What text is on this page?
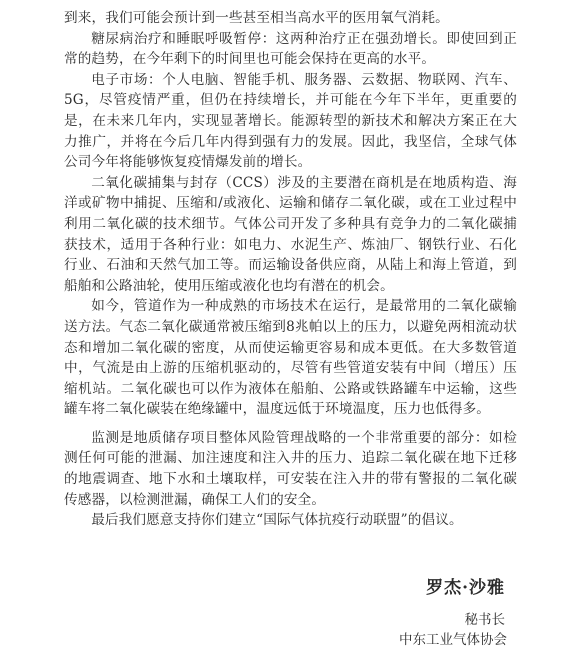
到来，我们可能会预计到一些甚至相当高水平的医用氧气消耗。

糖尿病治疗和睡眠呼吸暂停：这两种治疗正在强劲增长。即使回到正常的趋势，在今年剩下的时间里也可能会保持在更高的水平。

电子市场：个人电脑、智能手机、服务器、云数据、物联网、汽车、5G，尽管疫情严重，但仍在持续增长，并可能在今年下半年，更重要的是，在未来几年内，实现显著增长。能源转型的新技术和解决方案正在大力推广，并将在今后几年内得到强有力的发展。因此，我坚信，全球气体公司今年将能够恢复疫情爆发前的增长。

二氧化碳捕集与封存（CCS）涉及的主要潜在商机是在地质构造、海洋或矿物中捕捉、压缩和/或液化、运输和储存二氧化碳，或在工业过程中利用二氧化碳的技术细节。气体公司开发了多种具有竞争力的二氧化碳捕获技术，适用于各种行业：如电力、水泥生产、炼油厂、钢铁行业、石化行业、石油和天然气加工等。而运输设备供应商，从陆上和海上管道，到船舶和公路油轮，使用压缩或液化也均有潜在的机会。

如今，管道作为一种成熟的市场技术在运行，是最常用的二氧化碳输送方法。气态二氧化碳通常被压缩到8兆帕以上的压力，以避免两相流动状态和增加二氧化碳的密度，从而使运输更容易和成本更低。在大多数管道中，气流是由上游的压缩机驱动的，尽管有些管道安装有中间（增压）压缩机站。二氧化碳也可以作为液体在船舶、公路或铁路罐车中运输，这些罐车将二氧化碳装在绝缘罐中，温度远低于环境温度，压力也低得多。

监测是地质储存项目整体风险管理战略的一个非常重要的部分：如检测任何可能的泄漏、加注速度和注入井的压力、追踪二氧化碳在地下迁移的地震调查、地下水和土壤取样，可安装在注入井的带有警报的二氧化碳传感器，以检测泄漏，确保工人们的安全。

最后我们愿意支持你们建立“国际气体抗疫行动联盟”的倡议。

罗杰·沙雅
秘书长
中东工业气体协会
